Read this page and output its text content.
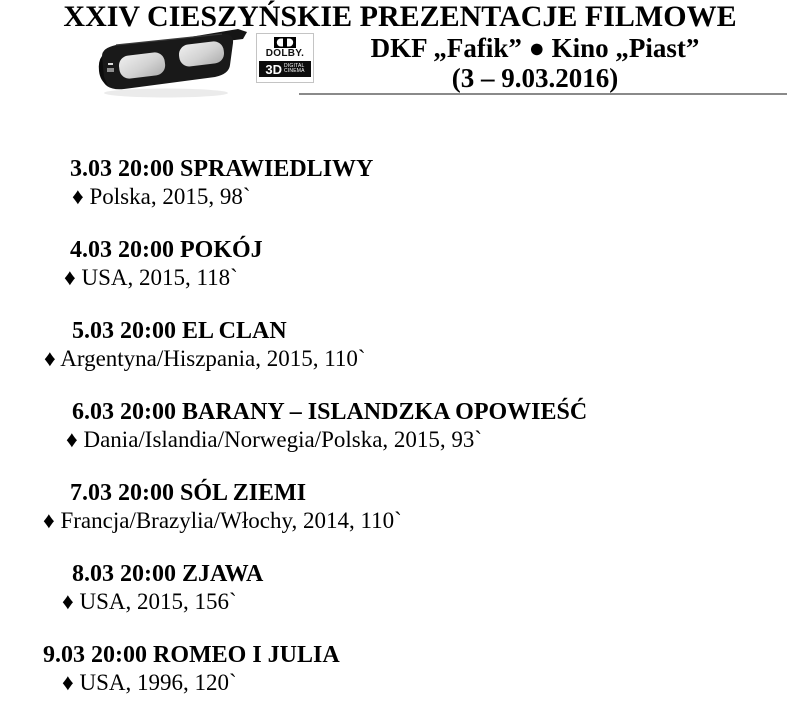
XXIV CIESZYŃSKIE PREZENTACJE FILMOWE
DOLBY.
3D DIGITAL
CINEMA
DKF „Fafik” ● Kino „Piast”
(3 – 9.03.2016)
3.03 20:00 SPRAWIEDLIWY
♦ Polska, 2015, 98`
4.03 20:00 POKÓJ
♦ USA, 2015, 118`
5.03 20:00 EL CLAN
♦ Argentyna/Hiszpania, 2015, 110`
6.03 20:00 BARANY – ISLANDZKA OPOWIEŚĆ
♦ Dania/Islandia/Norwegia/Polska, 2015, 93`
7.03 20:00 SÓL ZIEMI
♦ Francja/Brazylia/Włochy, 2014, 110`
8.03 20:00 ZJAWA
♦ USA, 2015, 156`
9.03 20:00 ROMEO I JULIA
♦ USA, 1996, 120`
